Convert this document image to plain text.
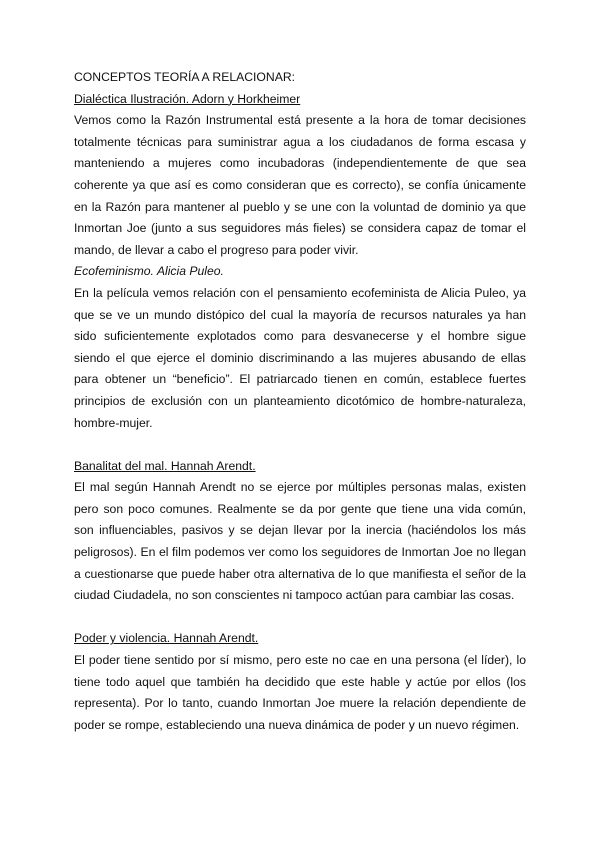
CONCEPTOS TEORÍA A RELACIONAR:

Dialéctica Ilustración. Adorn y Horkheimer

Vemos como la Razón Instrumental está presente a la hora de tomar decisiones totalmente técnicas para suministrar agua a los ciudadanos de forma escasa y manteniendo a mujeres como incubadoras (independientemente de que sea coherente ya que así es como consideran que es correcto), se confía únicamente en la Razón para mantener al pueblo y se une con la voluntad de dominio ya que Inmortan Joe (junto a sus seguidores más fieles) se considera capaz de tomar el mando, de llevar a cabo el progreso para poder vivir.

Ecofeminismo. Alicia Puleo.

En la película vemos relación con el pensamiento ecofeminista de Alicia Puleo, ya que se ve un mundo distópico del cual la mayoría de recursos naturales ya han sido suficientemente explotados como para desvanecerse y el hombre sigue siendo el que ejerce el dominio discriminando a las mujeres abusando de ellas para obtener un “beneficio”. El patriarcado tienen en común, establece fuertes principios de exclusión con un planteamiento dicotómico de hombre-naturaleza, hombre-mujer.

Banalitat del mal. Hannah Arendt.

El mal según Hannah Arendt no se ejerce por múltiples personas malas, existen pero son poco comunes. Realmente se da por gente que tiene una vida común, son influenciables, pasivos y se dejan llevar por la inercia (haciéndolos los más peligrosos). En el film podemos ver como los seguidores de Inmortan Joe no llegan a cuestionarse que puede haber otra alternativa de lo que manifiesta el señor de la ciudad Ciudadela, no son conscientes ni tampoco actúan para cambiar las cosas.

Poder y violencia. Hannah Arendt.

El poder tiene sentido por sí mismo, pero este no cae en una persona (el líder), lo tiene todo aquel que también ha decidido que este hable y actúe por ellos (los representa). Por lo tanto, cuando Inmortan Joe muere la relación dependiente de poder se rompe, estableciendo una nueva dinámica de poder y un nuevo régimen.
